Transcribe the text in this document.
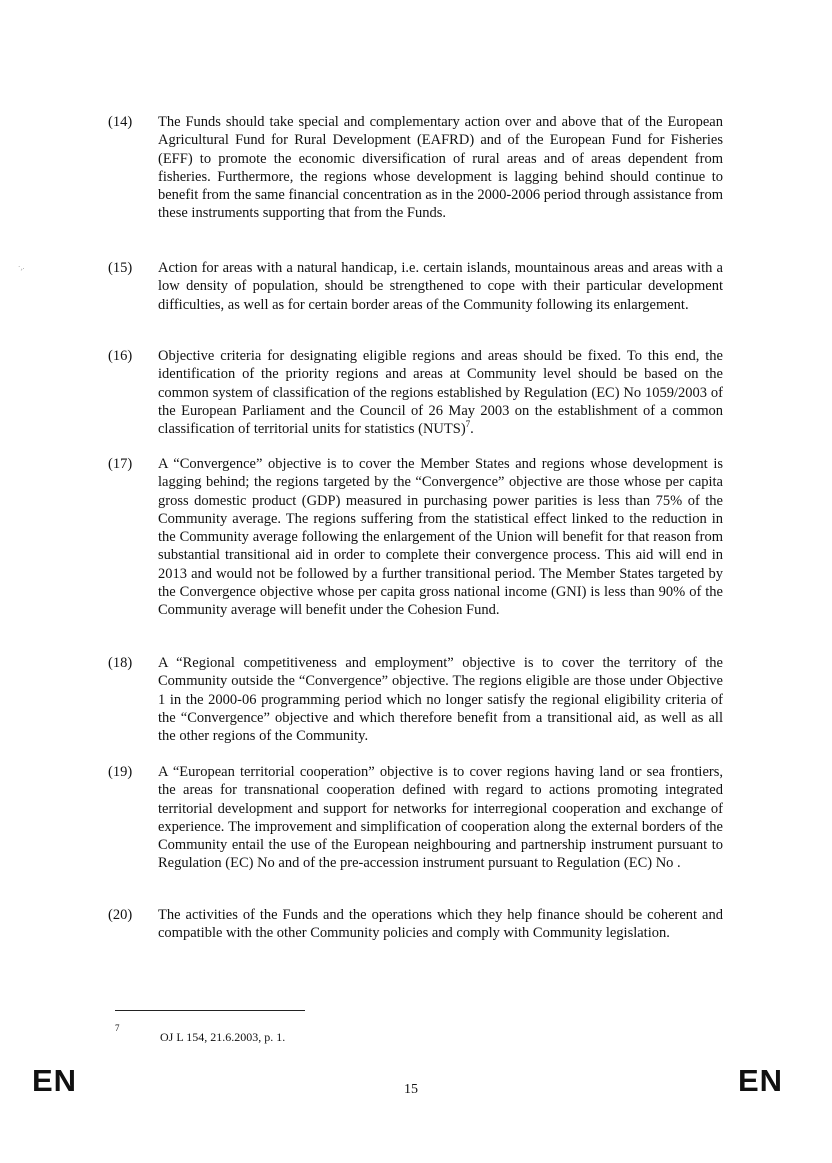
·¸.
(14)	The Funds should take special and complementary action over and above that of the European Agricultural Fund for Rural Development (EAFRD) and of the European Fund for Fisheries (EFF) to promote the economic diversification of rural areas and of areas dependent from fisheries. Furthermore, the regions whose development is lagging behind should continue to benefit from the same financial concentration as in the 2000-2006 period through assistance from these instruments supporting that from the Funds.

(15)	Action for areas with a natural handicap, i.e. certain islands, mountainous areas and areas with a low density of population, should be strengthened to cope with their particular development difficulties, as well as for certain border areas of the Community following its enlargement.

(16)	Objective criteria for designating eligible regions and areas should be fixed. To this end, the identification of the priority regions and areas at Community level should be based on the common system of classification of the regions established by Regulation (EC) No 1059/2003 of the European Parliament and the Council of 26 May 2003 on the establishment of a common classification of territorial units for statistics (NUTS)$^7$.

(17)	A “Convergence” objective is to cover the Member States and regions whose development is lagging behind; the regions targeted by the “Convergence” objective are those whose per capita gross domestic product (GDP) measured in purchasing power parities is less than 75% of the Community average. The regions suffering from the statistical effect linked to the reduction in the Community average following the enlargement of the Union will benefit for that reason from substantial transitional aid in order to complete their convergence process. This aid will end in 2013 and would not be followed by a further transitional period. The Member States targeted by the Convergence objective whose per capita gross national income (GNI) is less than 90% of the Community average will benefit under the Cohesion Fund.

(18)	A “Regional competitiveness and employment” objective is to cover the territory of the Community outside the “Convergence” objective. The regions eligible are those under Objective 1 in the 2000-06 programming period which no longer satisfy the regional eligibility criteria of the “Convergence” objective and which therefore benefit from a transitional aid, as well as all the other regions of the Community.

(19)	A “European territorial cooperation” objective is to cover regions having land or sea frontiers, the areas for transnational cooperation defined with regard to actions promoting integrated territorial development and support for networks for interregional cooperation and exchange of experience. The improvement and simplification of cooperation along the external borders of the Community entail the use of the European neighbouring and partnership instrument pursuant to Regulation (EC) No and of the pre-accession instrument pursuant to Regulation (EC) No .

(20)	The activities of the Funds and the operations which they help finance should be coherent and compatible with the other Community policies and comply with Community legislation.

7
OJ L 154, 21.6.2003, p. 1.
EN	15	EN
